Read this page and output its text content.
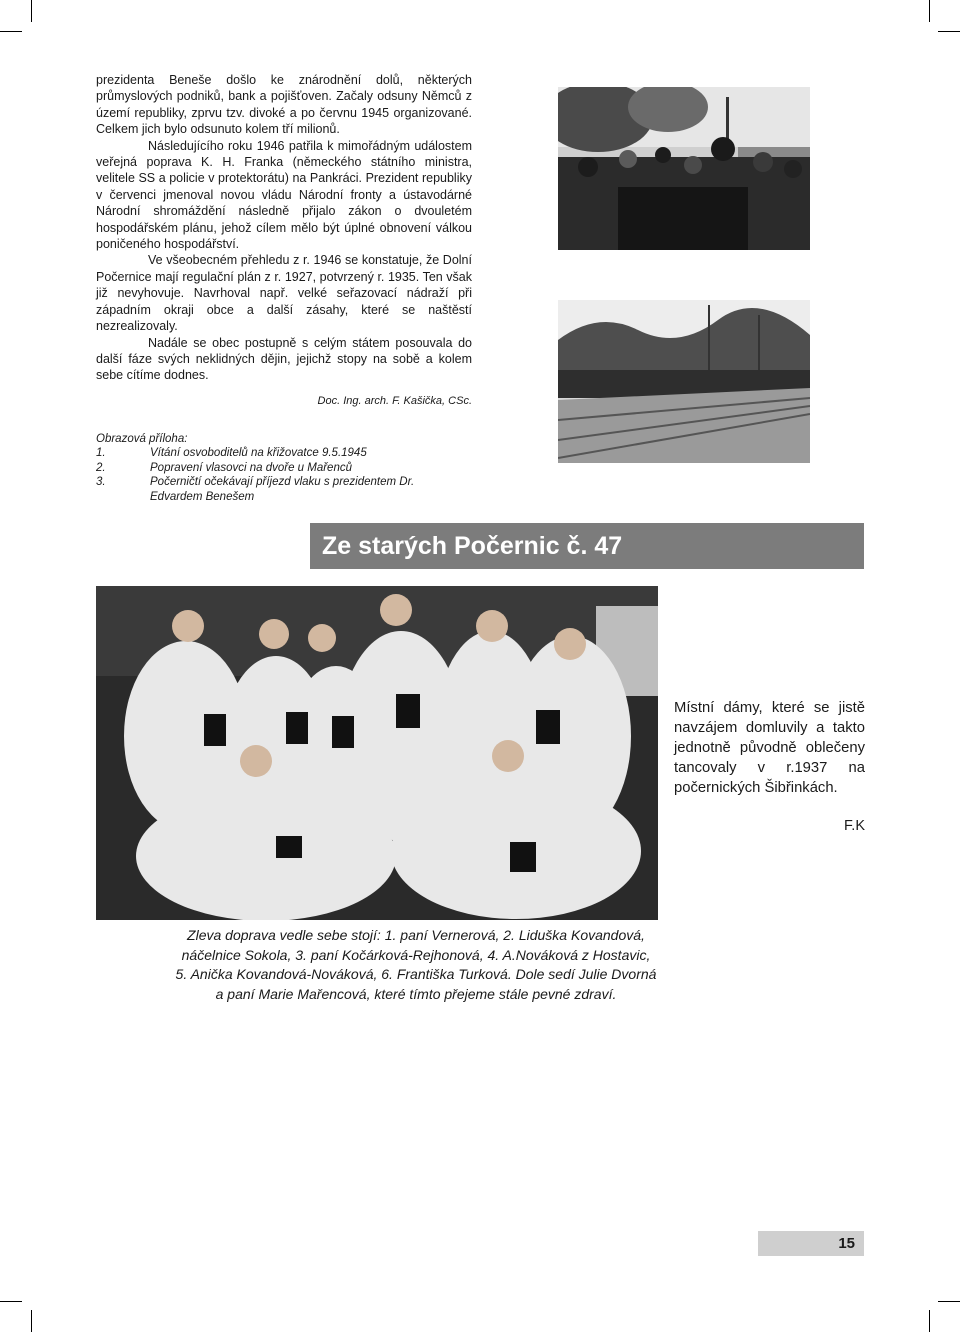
prezidenta Beneše došlo ke znárodnění dolů, některých průmyslových podniků, bank a pojišťoven. Začaly odsuny Němců z území republiky, zprvu tzv. divoké a po červnu 1945 organizované. Celkem jich bylo odsunuto kolem tří milionů.

Následujícího roku 1946 patřila k mimořádným událostem veřejná poprava K. H. Franka (německého státního ministra, velitele SS a policie v protektorátu) na Pankráci. Prezident republiky v červenci jmenoval novou vládu Národní fronty a ústavodárné Národní shromáždění následně přijalo zákon o dvouletém hospodářském plánu, jehož cílem mělo být úplné obnovení válkou poničeného hospodářství.

Ve všeobecném přehledu z r. 1946 se konstatuje, že Dolní Počernice mají regulační plán z r. 1927, potvrzený r. 1935. Ten však již nevyhovuje. Navrhoval např. velké seřazovací nádraží při západním okraji obce a další zásahy, které se naštěstí nezrealizovaly.

Nadále se obec postupně s celým státem posouvala do další fáze svých neklidných dějin, jejichž stopy na sobě a kolem sebe cítíme dodnes.

Doc. Ing. arch. F. Kašička, CSc.
Obrazová příloha:
1.	Vítání osvoboditelů na křižovatce 9.5.1945
2.	Popravení vlasovci na dvoře u Mařenců
3.	Počerničtí očekávají příjezd vlaku s prezidentem Dr.
Edvardem Benešem
Ze starých Počernic č. 47
Místní dámy, které se jistě navzájem domluvily a takto jednotně původně oblečeny tancovaly v r.1937 na počernických Šibřinkách.
F.K
Zleva doprava vedle sebe stojí: 1. paní Vernerová, 2. Liduška Kovandová,
náčelnice Sokola, 3. paní Kočárková-Rejhonová, 4. A.Nováková z Hostavic,
5. Anička Kovandová-Nováková, 6. Františka Turková. Dole sedí Julie Dvorná
a paní Marie Mařencová, které tímto přejeme stále pevné zdraví.
15
